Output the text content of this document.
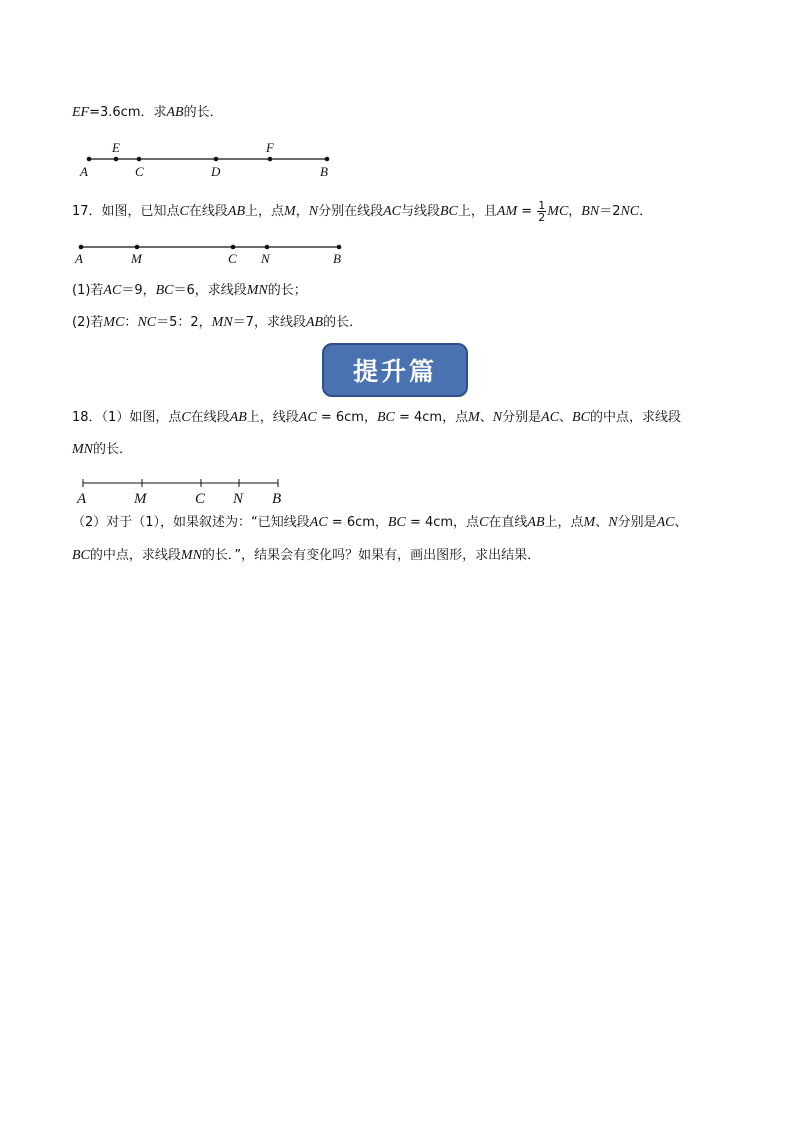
EF=3.6cm．求AB的长．
E	F
A	C	D	B
17．如图，已知点C在线段AB上，点M，N分别在线段AC与线段BC上，且AM = $\frac{1}{2}$ MC，BN＝2NC．
A	M	C N	B
(1)若AC＝9，BC＝6，求线段MN的长；
(2)若MC：NC＝5：2，MN＝7，求线段AB的长．
提升篇
18．（1）如图，点C在线段AB上，线段AC = 6cm，BC = 4cm，点M、N分别是AC、BC的中点，求线段
MN的长．
A	M	C N B
（2）对于（1），如果叙述为：“已知线段AC = 6cm，BC = 4cm，点C在直线AB上，点M、N分别是AC、
BC的中点，求线段MN的长．”，结果会有变化吗？如果有，画出图形，求出结果．
